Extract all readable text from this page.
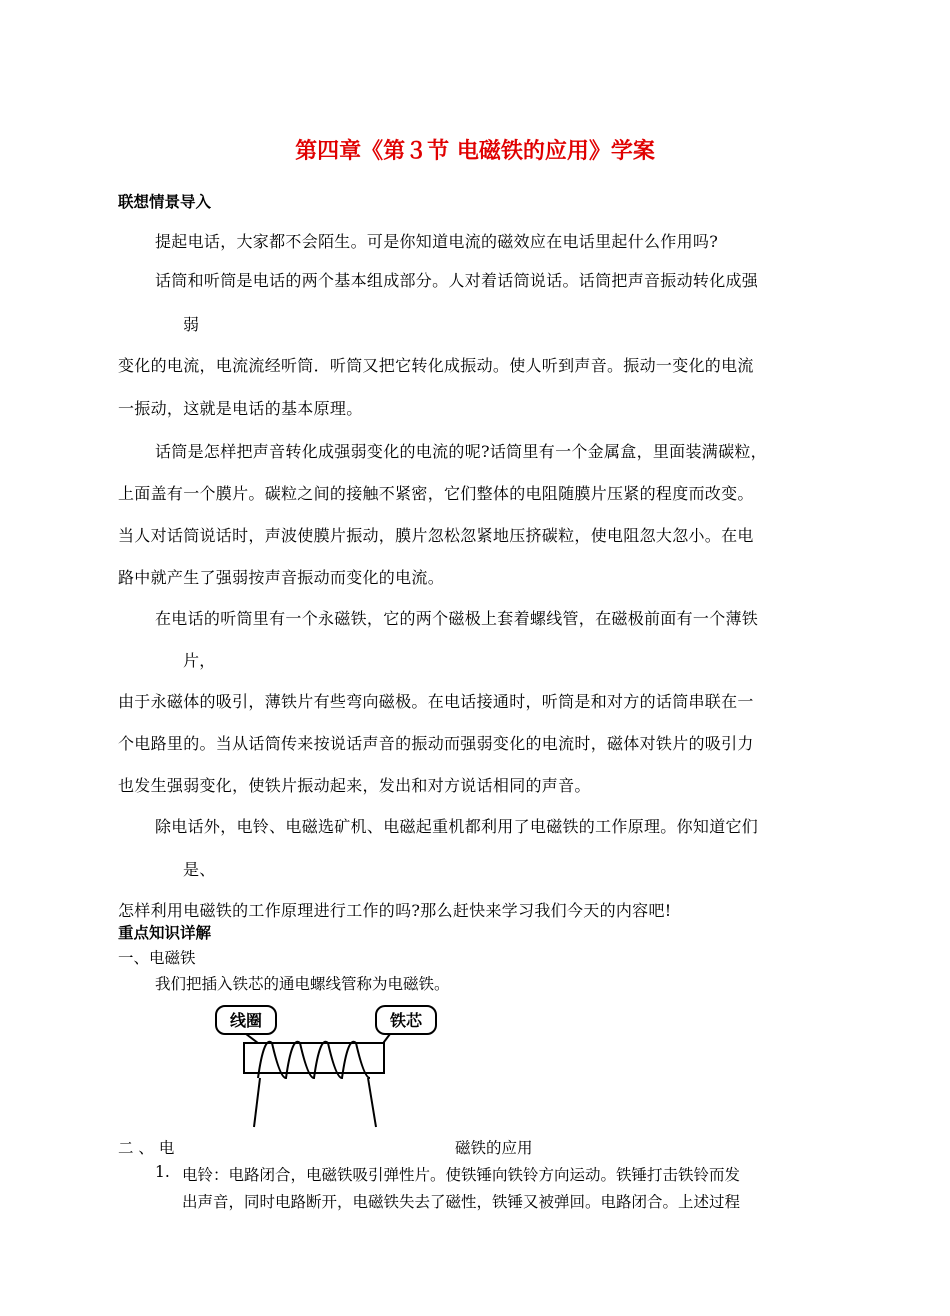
第四章《第３节 电磁铁的应用》学案
联想情景导入
提起电话，大家都不会陌生。可是你知道电流的磁效应在电话里起什么作用吗?
话筒和听筒是电话的两个基本组成部分。人对着话筒说话。话筒把声音振动转化成强
弱
变化的电流，电流流经听筒．听筒又把它转化成振动。使人听到声音。振动一变化的电流
一振动，这就是电话的基本原理。
话筒是怎样把声音转化成强弱变化的电流的呢?话筒里有一个金属盒，里面装满碳粒，
上面盖有一个膜片。碳粒之间的接触不紧密，它们整体的电阻随膜片压紧的程度而改变。
当人对话筒说话时，声波使膜片振动，膜片忽松忽紧地压挤碳粒，使电阻忽大忽小。在电
路中就产生了强弱按声音振动而变化的电流。
在电话的听筒里有一个永磁铁，它的两个磁极上套着螺线管，在磁极前面有一个薄铁
片，
由于永磁体的吸引，薄铁片有些弯向磁极。在电话接通时，听筒是和对方的话筒串联在一
个电路里的。当从话筒传来按说话声音的振动而强弱变化的电流时，磁体对铁片的吸引力
也发生强弱变化，使铁片振动起来，发出和对方说话相同的声音。
除电话外，电铃、电磁选矿机、电磁起重机都利用了电磁铁的工作原理。你知道它们
是、
怎样利用电磁铁的工作原理进行工作的吗?那么赶快来学习我们今天的内容吧!
重点知识详解
一、电磁铁
我们把插入铁芯的通电螺线管称为电磁铁。
线圈	铁芯
二 、 电	磁铁的应用
1. 电铃：电路闭合，电磁铁吸引弹性片。使铁锤向铁铃方向运动。铁锤打击铁铃而发
出声音，同时电路断开，电磁铁失去了磁性，铁锤又被弹回。电路闭合。上述过程
